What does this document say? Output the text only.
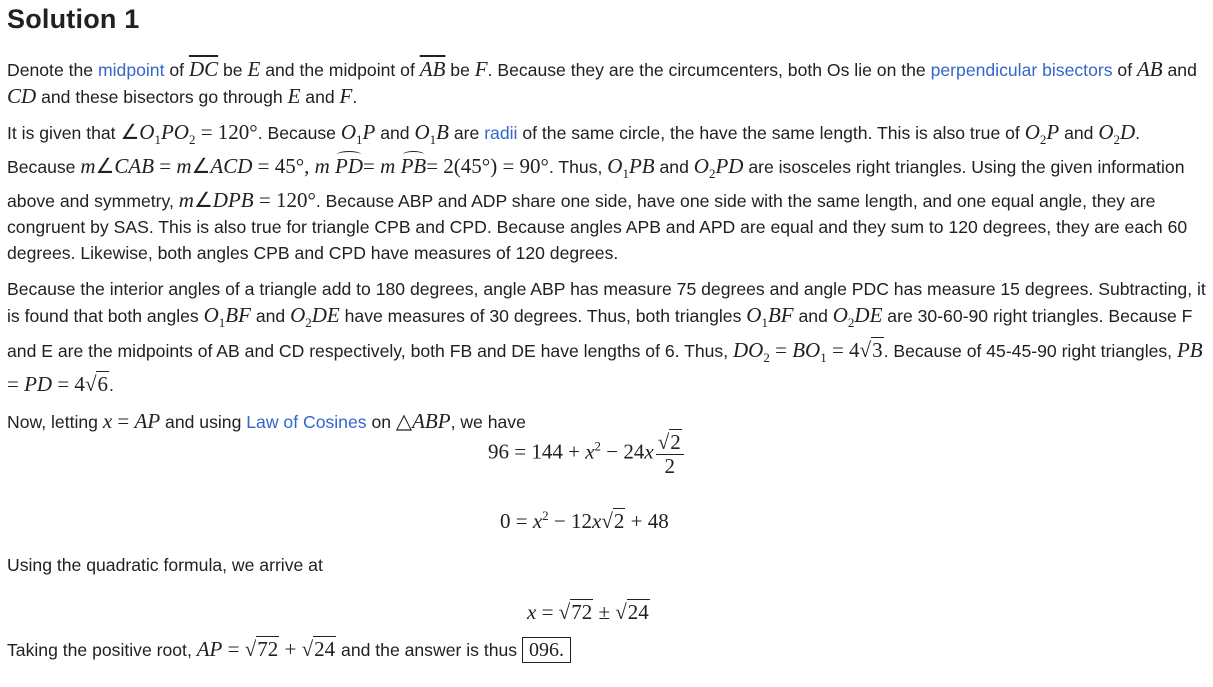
Solution 1

Denote the midpoint of $\overline{DC}$ be E and the midpoint of $\overline{AB}$ be F. Because they are the circumcenters, both Os lie on the perpendicular bisectors of AB and CD and these bisectors go through E and F.

It is given that $\angle O_1PO_2 = 120^\circ$. Because $O_1P$ and $O_1B$ are radii of the same circle, the have the same length. This is also true of $O_2P$ and $O_2D$. Because m∠CAB = m∠ACD = 45°, m PD= m PB= 2(45°) = 90°. Thus, $O_1PB$ and $O_2PD$ are isosceles right triangles. Using the given information above and symmetry, m∠DPB = 120°. Because ABP and ADP share one side, have one side with the same length, and one equal angle, they are congruent by SAS. This is also true for triangle CPB and CPD. Because angles APB and APD are equal and they sum to 120 degrees, they are each 60 degrees. Likewise, both angles CPB and CPD have measures of 120 degrees.

Because the interior angles of a triangle add to 180 degrees, angle ABP has measure 75 degrees and angle PDC has measure 15 degrees. Subtracting, it is found that both angles $O_1BF$ and $O_2DE$ have measures of 30 degrees. Thus, both triangles $O_1BF$ and $O_2DE$ are 30-60-90 right triangles. Because F and E are the midpoints of AB and CD respectively, both FB and DE have lengths of 6. Thus, $DO_2 = BO_1 = 4√3$. Because of 45-45-90 right triangles, PB = PD = 4√6.

Now, letting x = AP and using Law of Cosines on △ABP, we have

$96 = 144 + x^2 - 24x \frac{√2}{2}$
$0 = x^2 - 12x√2 + 48$

Using the quadratic formula, we arrive at

x = √72 ± √24

Taking the positive root, AP = √72 + √24 and the answer is thus 096.
